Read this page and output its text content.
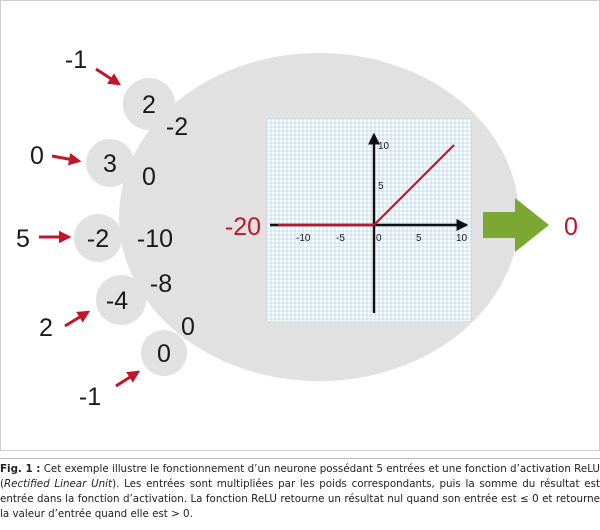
-1
0
5
2
-1
2
3
-2
-4
0
-2
0
-10
-8
0
-10	-5	0	5	10
5
10
-20	0

Fig. 1 : Cet exemple illustre le fonctionnement d’un neurone possédant 5 entrées et une fonction d’activation ReLU (Rectified Linear Unit). Les entrées sont multipliées par les poids correspondants, puis la somme du résultat est entrée dans la fonction d’activation. La fonction ReLU retourne un résultat nul quand son entrée est ≤ 0 et retourne la valeur d’entrée quand elle est > 0.
